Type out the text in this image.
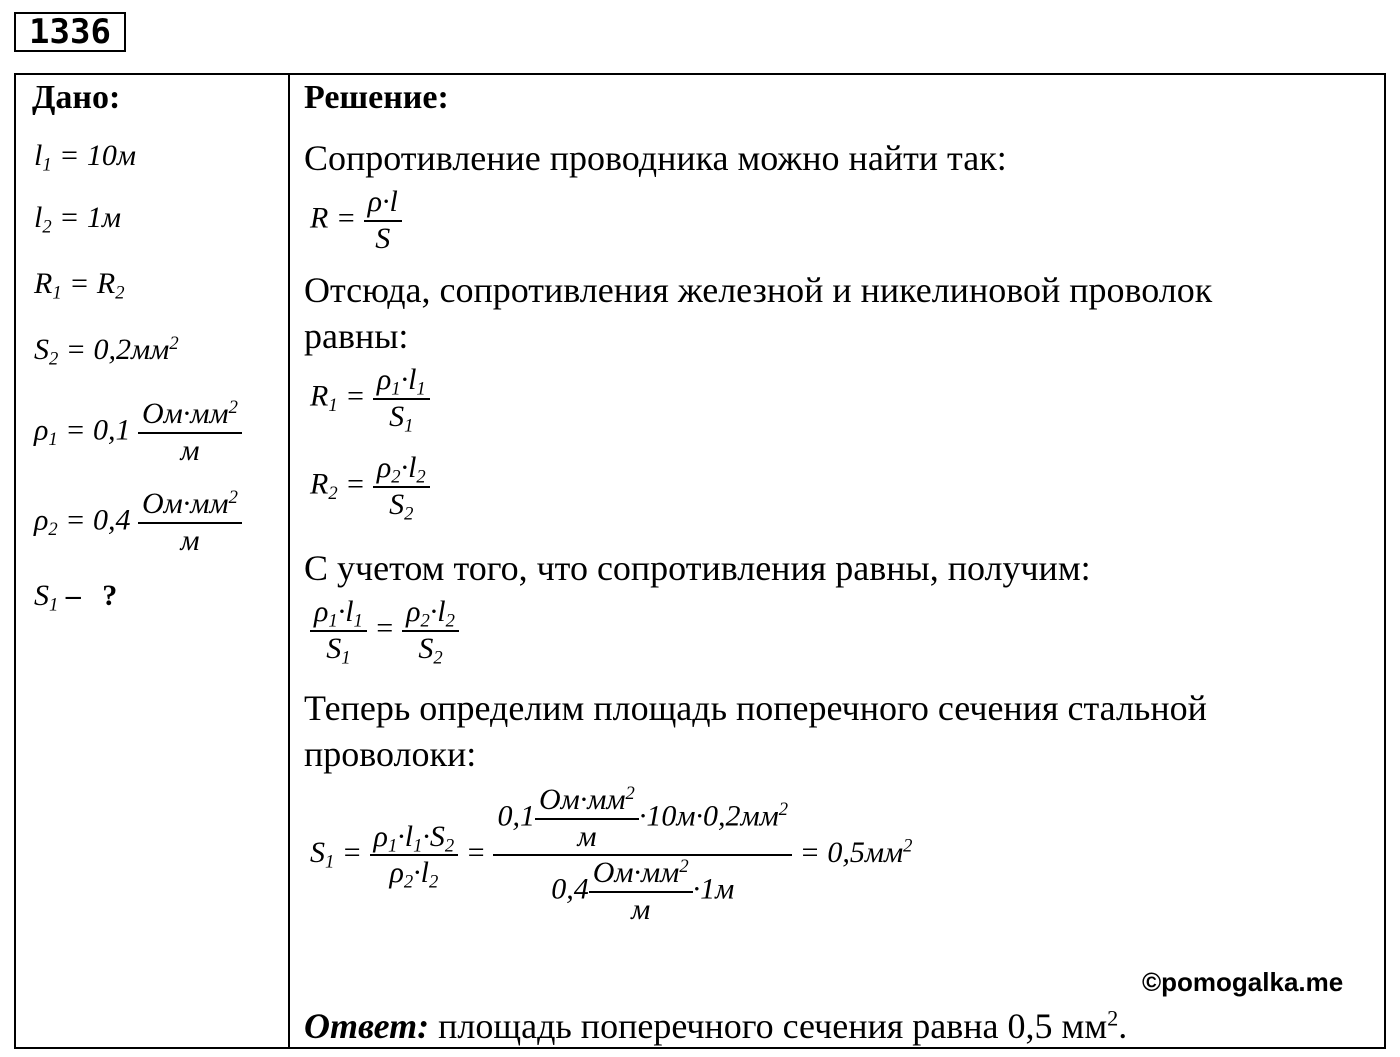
1336
Дано:
$l_1 = 10м$
$l_2 = 1м$
$R_1 = R_2$
$S_2 = 0,2мм^2$
$\rho_1 = 0,1 \frac{Ом\cdot мм^2}{м}$
$\rho_2 = 0,4 \frac{Ом\cdot мм^2}{м}$
$S_1$ – ?
Решение:
Сопротивление проводника можно найти так:
$R = \frac{\rho\cdot l}{S}$
Отсюда, сопротивления железной и никелиновой проволок
равны:
$R_1 = \frac{\rho_1\cdot l_1}{S_1}$
$R_2 = \frac{\rho_2\cdot l_2}{S_2}$
С учетом того, что сопротивления равны, получим:
$\frac{\rho_1\cdot l_1}{S_1} = \frac{\rho_2\cdot l_2}{S_2}$
Теперь определим площадь поперечного сечения стальной
проволоки:
$S_1 = \frac{\rho_1\cdot l_1\cdot S_2}{\rho_2\cdot l_2} = \frac{0,1 \frac{Ом\cdot мм^2}{м} \cdot 10м\cdot 0,2мм^2}{0,4 \frac{Ом\cdot мм^2}{м} \cdot 1м} = 0,5мм^2$
©pomogalka.me
Ответ: площадь поперечного сечения равна 0,5 $мм^2$.
